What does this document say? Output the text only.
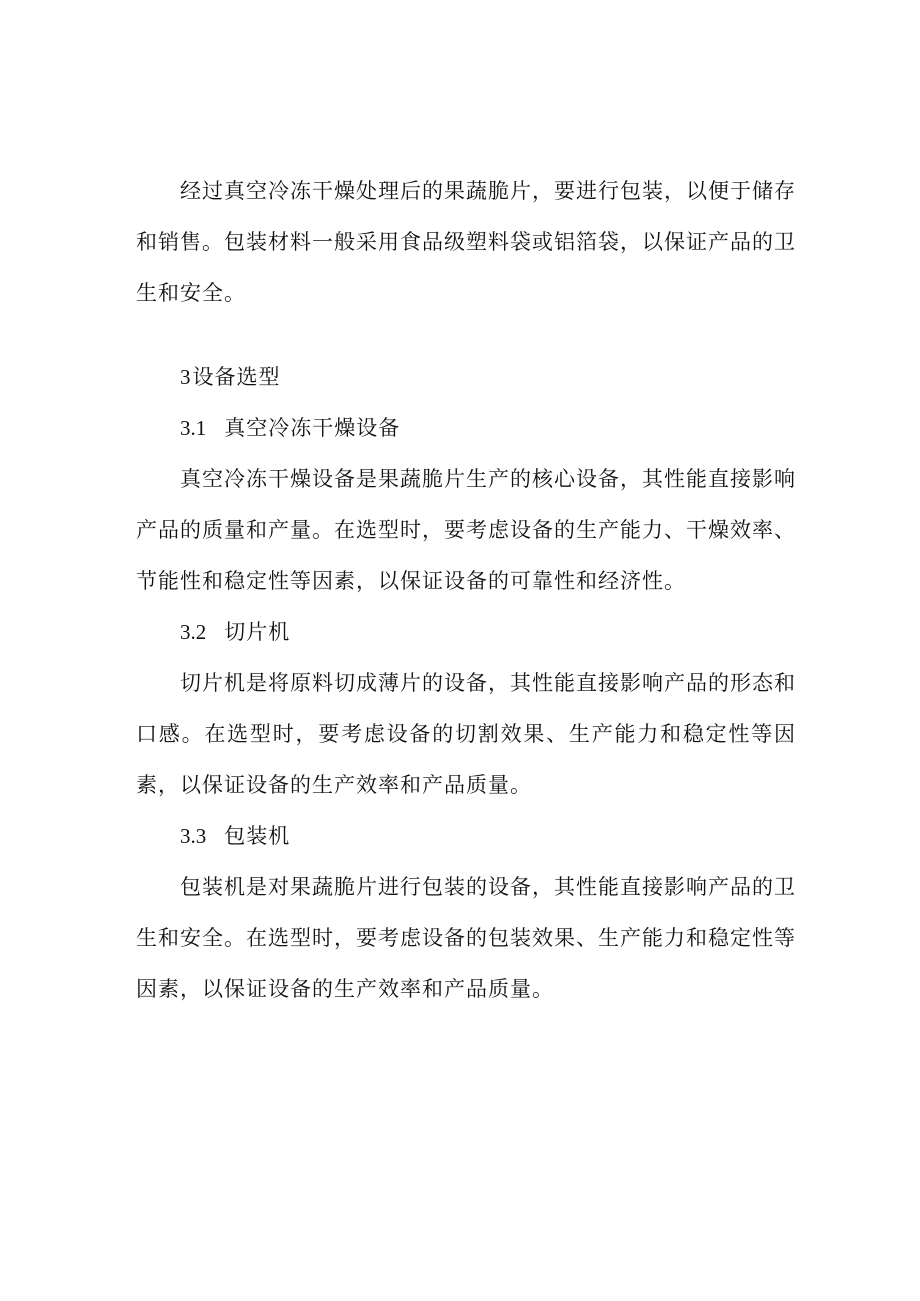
经过真空冷冻干燥处理后的果蔬脆片，要进行包装，以便于储存和销售。包装材料一般采用食品级塑料袋或铝箔袋，以保证产品的卫生和安全。

3设备选型

3.1 真空冷冻干燥设备

真空冷冻干燥设备是果蔬脆片生产的核心设备，其性能直接影响产品的质量和产量。在选型时，要考虑设备的生产能力、干燥效率、节能性和稳定性等因素，以保证设备的可靠性和经济性。

3.2 切片机

切片机是将原料切成薄片的设备，其性能直接影响产品的形态和口感。在选型时，要考虑设备的切割效果、生产能力和稳定性等因素，以保证设备的生产效率和产品质量。

3.3 包装机

包装机是对果蔬脆片进行包装的设备，其性能直接影响产品的卫生和安全。在选型时，要考虑设备的包装效果、生产能力和稳定性等因素，以保证设备的生产效率和产品质量。
